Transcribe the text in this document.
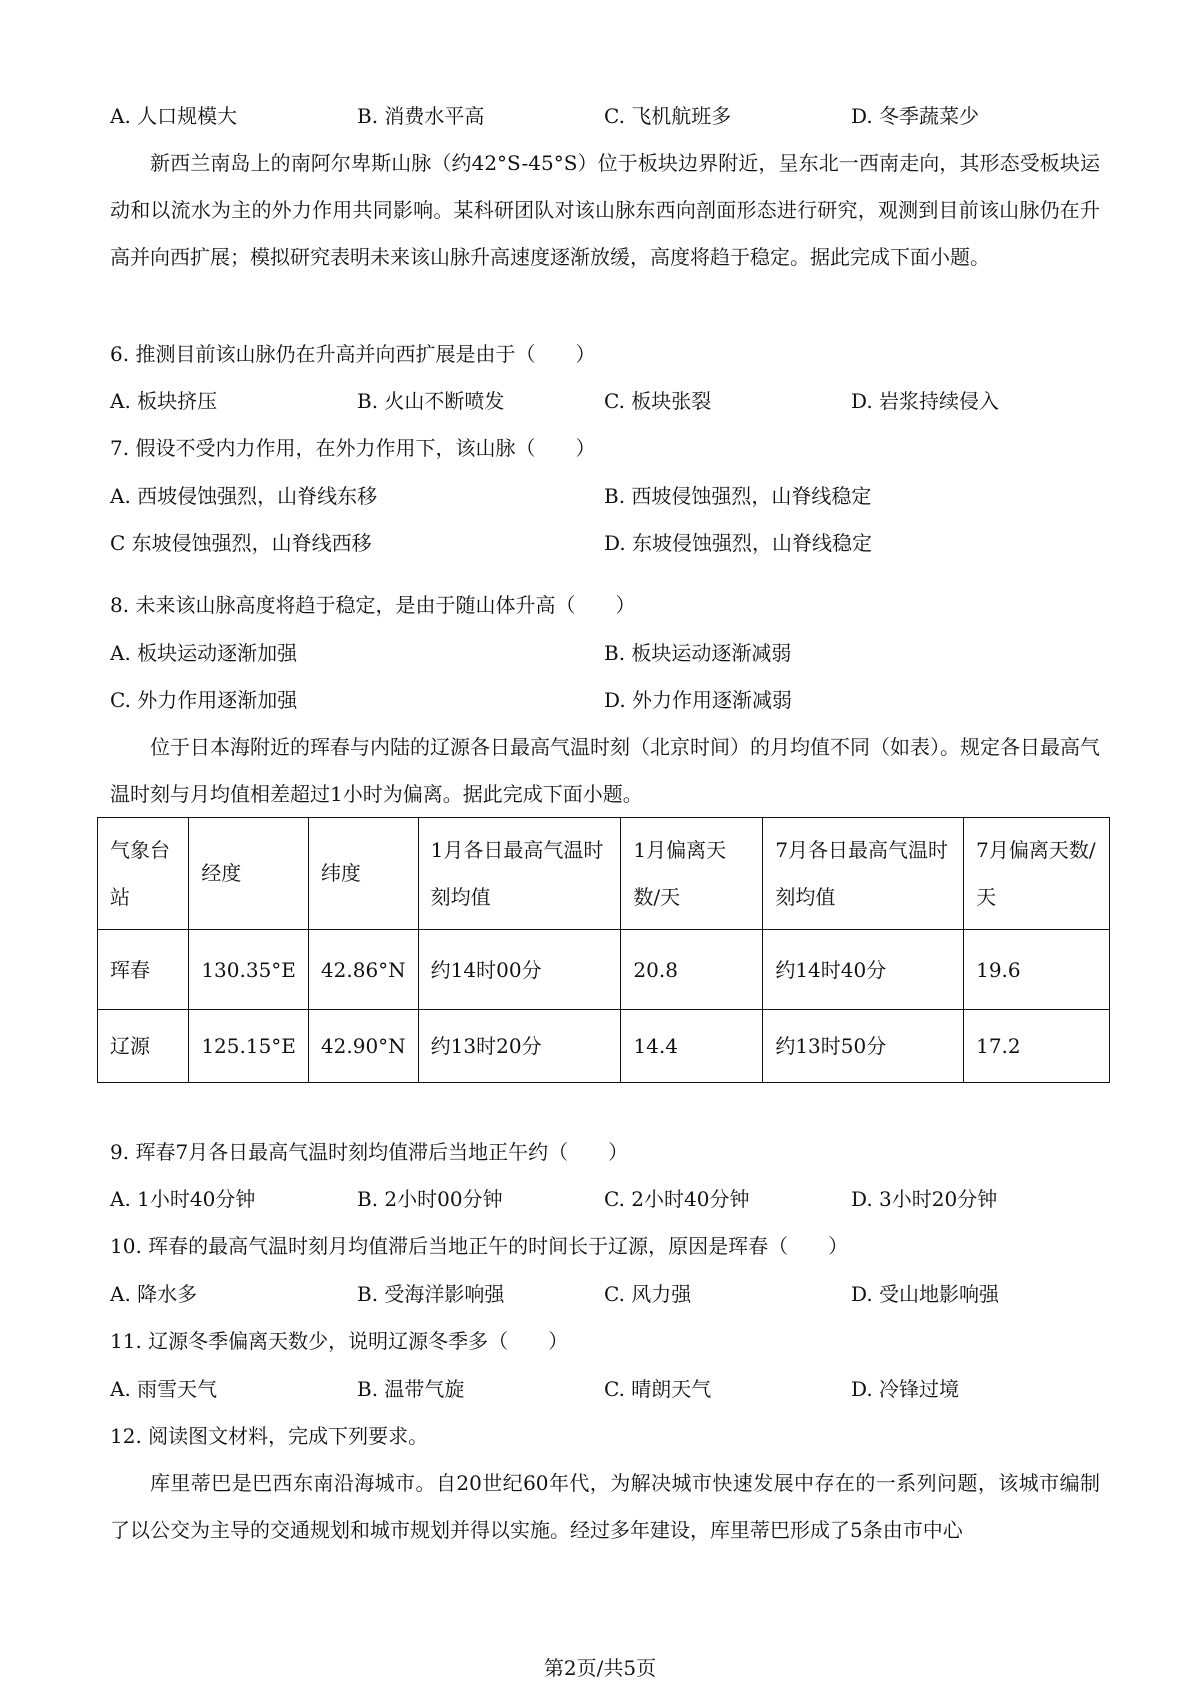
A. 人口规模大	B. 消费水平高	C. 飞机航班多	D. 冬季蔬菜少
新西兰南岛上的南阿尔卑斯山脉（约42°S-45°S）位于板块边界附近，呈东北一西南走向，其形态受板块运动和以流水为主的外力作用共同影响。某科研团队对该山脉东西向剖面形态进行研究，观测到目前该山脉仍在升高并向西扩展；模拟研究表明未来该山脉升高速度逐渐放缓，高度将趋于稳定。据此完成下面小题。
6. 推测目前该山脉仍在升高并向西扩展是由于（　　）
A. 板块挤压	B. 火山不断喷发	C. 板块张裂	D. 岩浆持续侵入
7. 假设不受内力作用，在外力作用下，该山脉（　　）
A. 西坡侵蚀强烈，山脊线东移	B. 西坡侵蚀强烈，山脊线稳定
C 东坡侵蚀强烈，山脊线西移	D. 东坡侵蚀强烈，山脊线稳定
8. 未来该山脉高度将趋于稳定，是由于随山体升高（　　）
A. 板块运动逐渐加强	B. 板块运动逐渐减弱
C. 外力作用逐渐加强	D. 外力作用逐渐减弱
位于日本海附近的珲春与内陆的辽源各日最高气温时刻（北京时间）的月均值不同（如表）。规定各日最高气温时刻与月均值相差超过1小时为偏离。据此完成下面小题。
气象台站	经度	纬度	1月各日最高气温时刻均值	1月偏离天数/天	7月各日最高气温时刻均值	7月偏离天数/天
珲春	130.35°E	42.86°N	约14时00分	20.8	约14时40分	19.6
辽源	125.15°E	42.90°N	约13时20分	14.4	约13时50分	17.2
9. 珲春7月各日最高气温时刻均值滞后当地正午约（　　）
A. 1小时40分钟	B. 2小时00分钟	C. 2小时40分钟	D. 3小时20分钟
10. 珲春的最高气温时刻月均值滞后当地正午的时间长于辽源，原因是珲春（　　）
A. 降水多	B. 受海洋影响强	C. 风力强	D. 受山地影响强
11. 辽源冬季偏离天数少，说明辽源冬季多（　　）
A. 雨雪天气	B. 温带气旋	C. 晴朗天气	D. 冷锋过境
12. 阅读图文材料，完成下列要求。
库里蒂巴是巴西东南沿海城市。自20世纪60年代，为解决城市快速发展中存在的一系列问题，该城市编制了以公交为主导的交通规划和城市规划并得以实施。经过多年建设，库里蒂巴形成了5条由市中心
第2页/共5页
